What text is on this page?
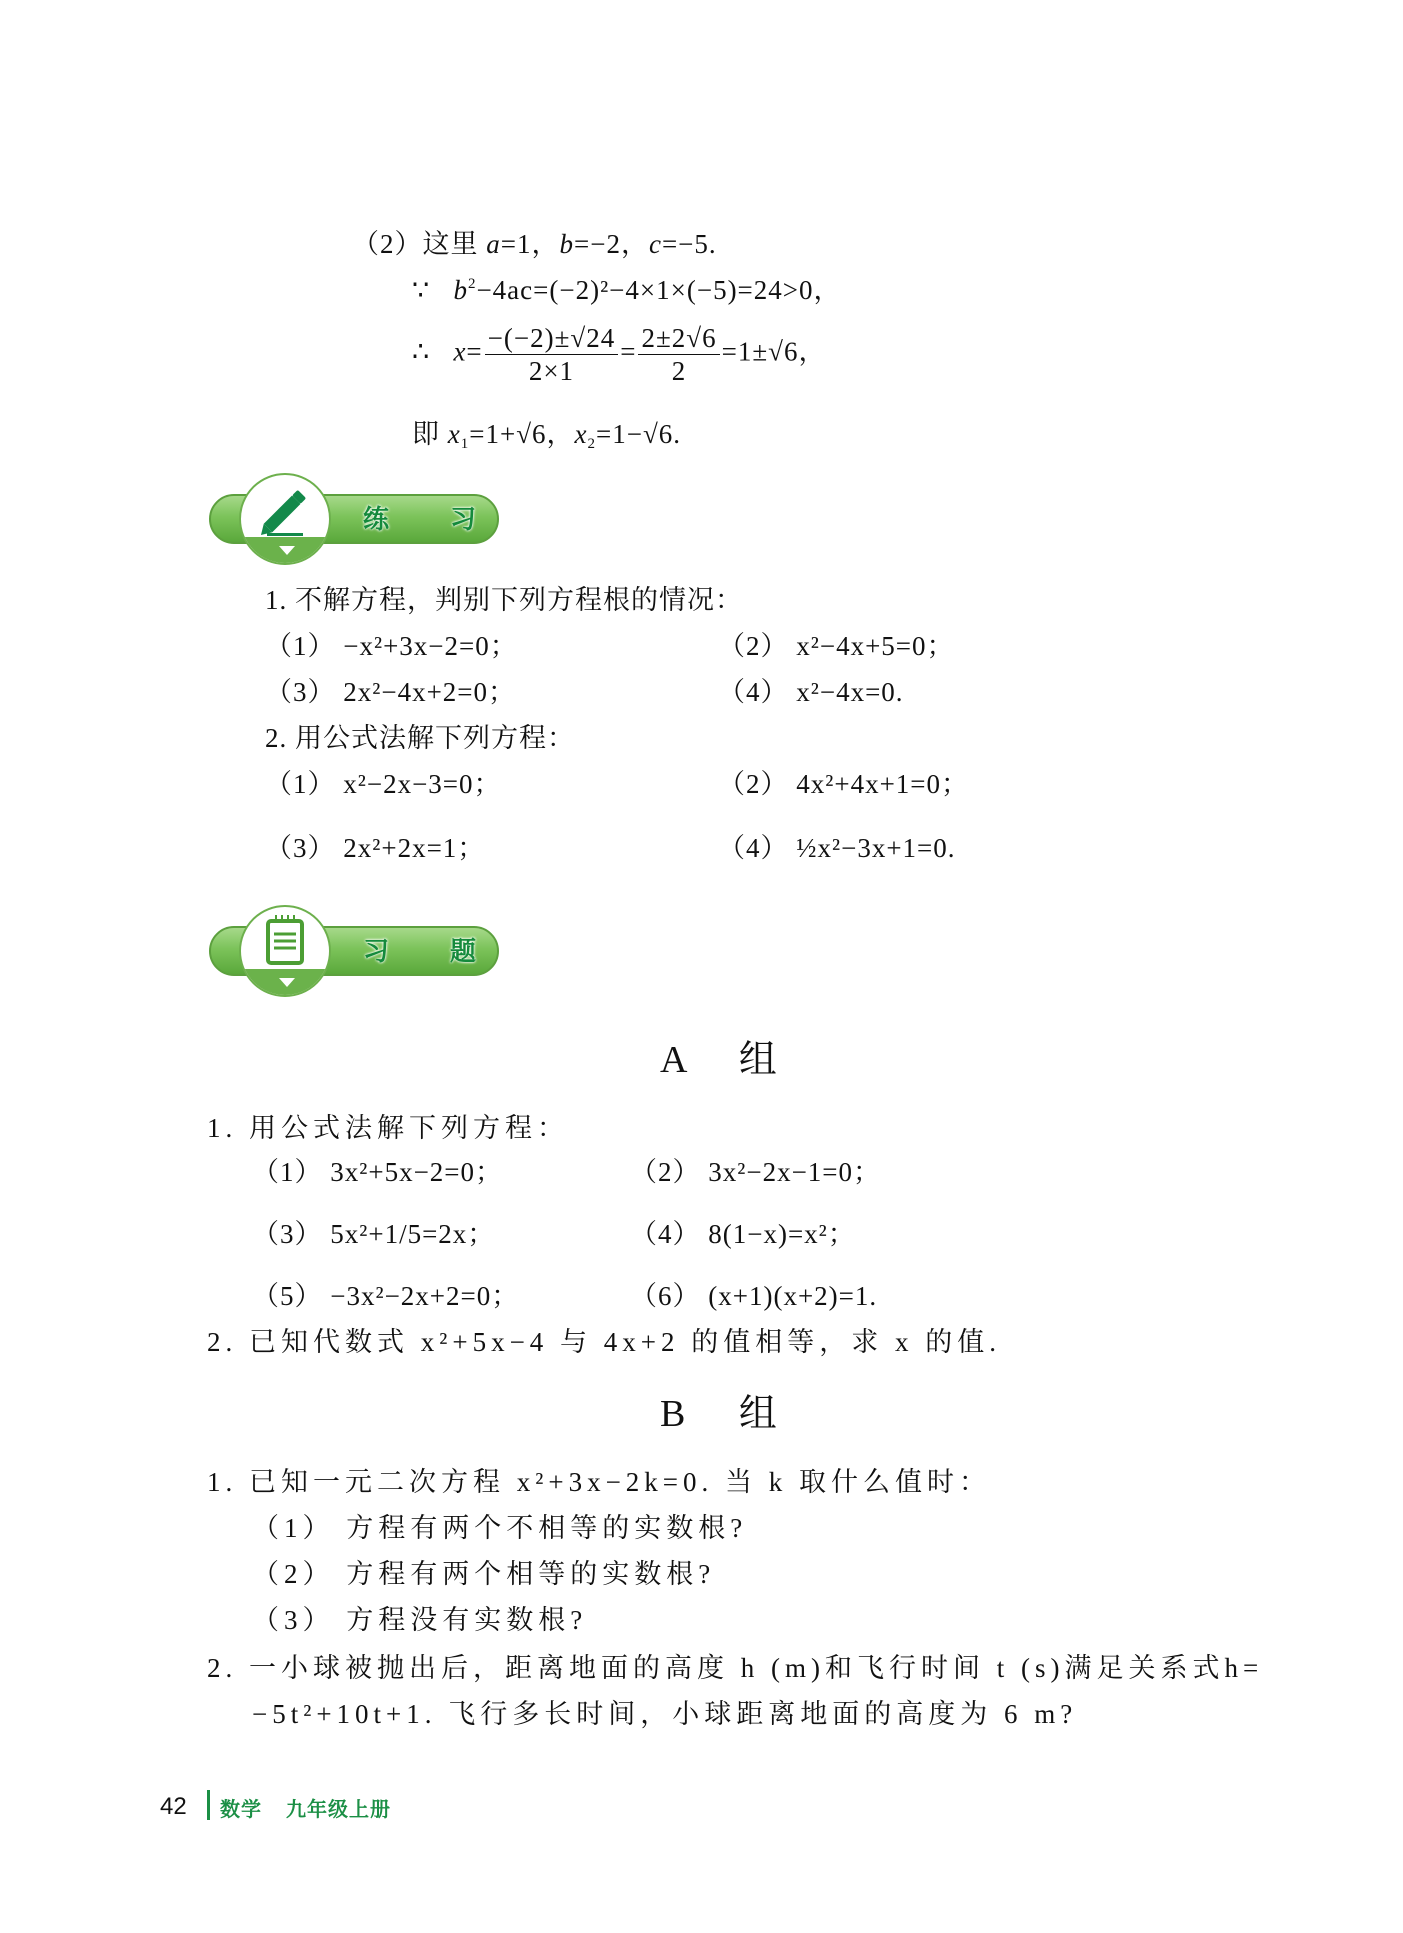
（2）这里 a=1，b=−2，c=−5.
∵ $b^2-4ac=(-2)^2-4\times 1\times(-5)=24>0$，
∴ $x= \frac{-(-2)\pm√24}{2\times 1} = \frac{2\pm 2√6}{2} =1\pm√6$，
即 $x_1=1+√6$，$x_2=1-√6$.
练 习
1. 不解方程，判别下列方程根的情况：
（1） −x²+3x−2=0；	（2） x²−4x+5=0；
（3） 2x²−4x+2=0；	（4） x²−4x=0.
2. 用公式法解下列方程：
（1） x²−2x−3=0；	（2） 4x²+4x+1=0；
（3） 2x²+2x=1；	（4） ½x²−3x+1=0.
习 题
A 组
1. 用公式法解下列方程：
（1） 3x²+5x−2=0；	（2） 3x²−2x−1=0；
（3） 5x²+1/5=2x；	（4） 8(1−x)=x²；
（5） −3x²−2x+2=0；	（6） (x+1)(x+2)=1.
2. 已知代数式 x²+5x−4 与 4x+2 的值相等，求 x 的值.
B 组
1. 已知一元二次方程 x²+3x−2k=0. 当 k 取什么值时：
（1） 方程有两个不相等的实数根?
（2） 方程有两个相等的实数根?
（3） 方程没有实数根?
2. 一小球被抛出后，距离地面的高度 h (m)和飞行时间 t (s)满足关系式h=
−5t²+10t+1. 飞行多长时间，小球距离地面的高度为 6 m?
42 数学 九年级上册
